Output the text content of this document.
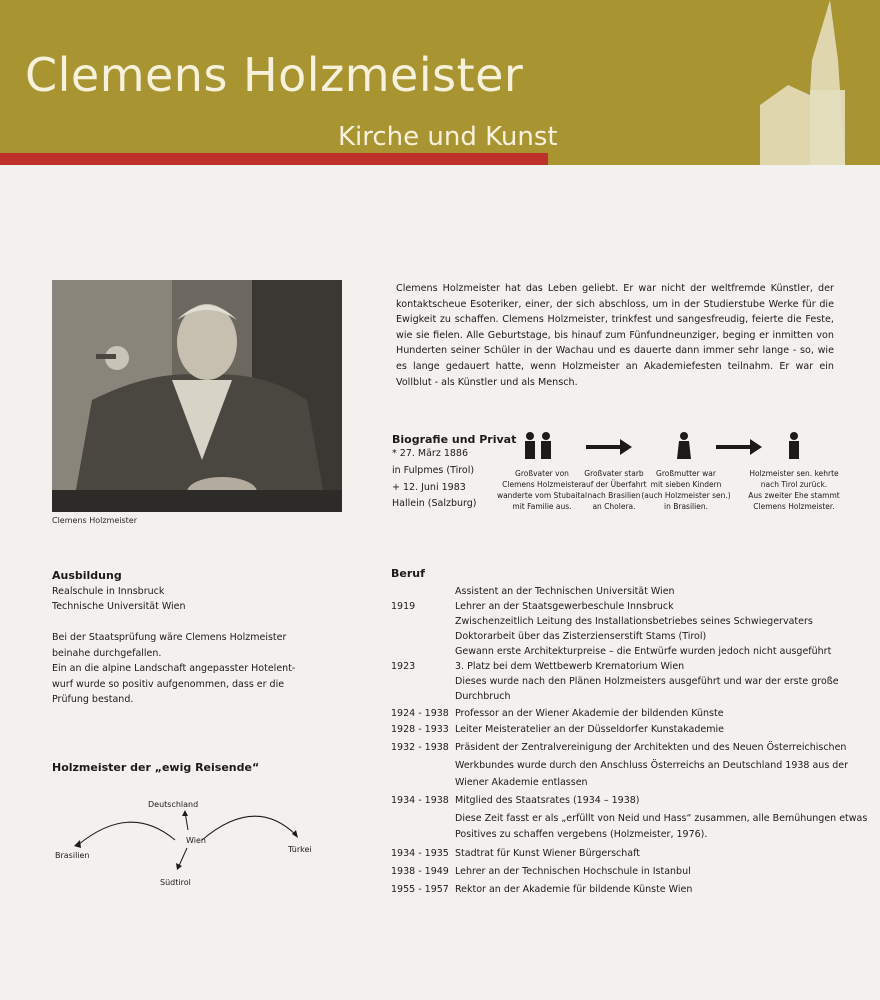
Clemens Holzmeister
Kirche und Kunst
Clemens Holzmeister
Clemens Holzmeister hat das Leben geliebt. Er war nicht der weltfremde Künstler, der kontaktscheue Esoteriker, einer, der sich abschloss, um in der Studierstube Werke für die Ewigkeit zu schaffen. Clemens Holzmeister, trinkfest und sangesfreudig, feierte die Feste, wie sie fielen. Alle Geburtstage, bis hinauf zum Fünfundneunziger, beging er inmitten von Hunderten seiner Schüler in der Wachau und es dauerte dann immer sehr lange - so, wie es lange gedauert hatte, wenn Holzmeister an Akademiefesten teilnahm. Er war ein Vollblut - als Künstler und als Mensch.
Biografie und Privat
* 27. März 1886
in Fulpmes (Tirol)
+ 12. Juni 1983
Hallein (Salzburg)
Großvater von
Clemens Holzmeister
wanderte vom Stubaital
mit Familie aus.
Großvater starb
auf der Überfahrt
nach Brasilien
an Cholera.
Großmutter war
mit sieben Kindern
(auch Holzmeister sen.)
in Brasilien.
Holzmeister sen. kehrte
nach Tirol zurück.
Aus zweiter Ehe stammt
Clemens Holzmeister.
Ausbildung
Realschule in Innsbruck
Technische Universität Wien
Bei der Staatsprüfung wäre Clemens Holzmeister
beinahe durchgefallen.
Ein an die alpine Landschaft angepasster Hotelent-
wurf wurde so positiv aufgenommen, dass er die
Prüfung bestand.
Holzmeister der „ewig Reisende“
Deutschland
Wien
Brasilien
Türkei
Südtirol
Beruf
Assistent an der Technischen Universität Wien
1919	Lehrer an der Staatsgewerbeschule Innsbruck
Zwischenzeitlich Leitung des Installationsbetriebes seines Schwiegervaters
Doktorarbeit über das Zisterzienserstift Stams (Tirol)
Gewann erste Architekturpreise – die Entwürfe wurden jedoch nicht ausgeführt
1923	3. Platz bei dem Wettbewerb Krematorium Wien
Dieses wurde nach den Plänen Holzmeisters ausgeführt und war der erste große
Durchbruch
1924 - 1938 Professor an der Wiener Akademie der bildenden Künste
1928 - 1933 Leiter Meisteratelier an der Düsseldorfer Kunstakademie
1932 - 1938 Präsident der Zentralvereinigung der Architekten und des Neuen Österreichischen
Werkbundes wurde durch den Anschluss Österreichs an Deutschland 1938 aus der
Wiener Akademie entlassen
1934 - 1938 Mitglied des Staatsrates (1934 – 1938)
Diese Zeit fasst er als „erfüllt von Neid und Hass“ zusammen, alle Bemühungen etwas
Positives zu schaffen vergebens (Holzmeister, 1976).
1934 - 1935 Stadtrat für Kunst Wiener Bürgerschaft
1938 - 1949 Lehrer an der Technischen Hochschule in Istanbul
1955 - 1957 Rektor an der Akademie für bildende Künste Wien
